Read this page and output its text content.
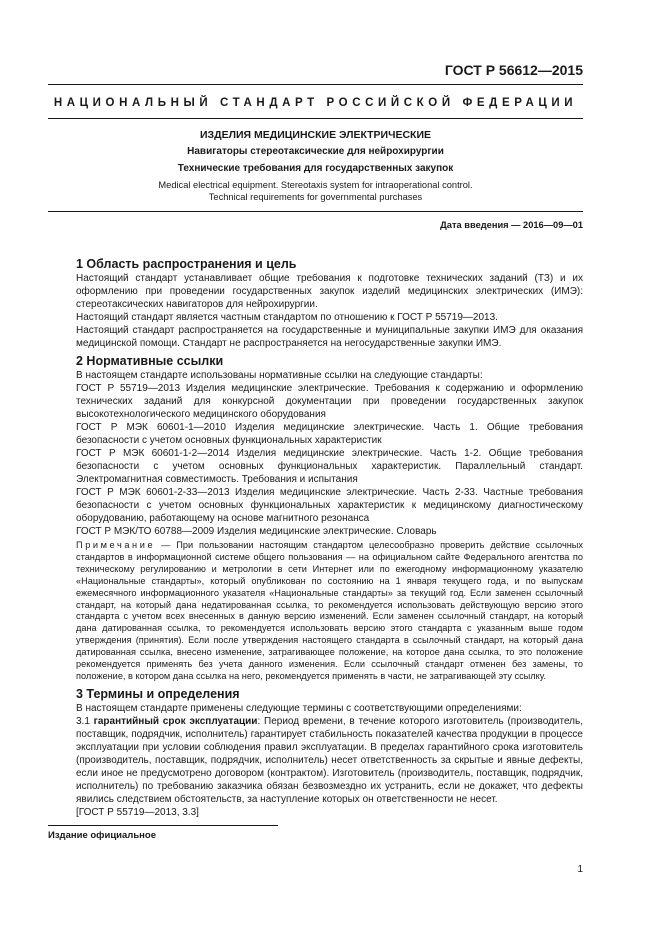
ГОСТ Р 56612—2015
НАЦИОНАЛЬНЫЙ СТАНДАРТ РОССИЙСКОЙ ФЕДЕРАЦИИ
ИЗДЕЛИЯ МЕДИЦИНСКИЕ ЭЛЕКТРИЧЕСКИЕ
Навигаторы стереотаксические для нейрохирургии
Технические требования для государственных закупок
Medical electrical equipment. Stereotaxis system for intraoperational control.
Technical requirements for governmental purchases
Дата введения — 2016—09—01
1 Область распространения и цель

Настоящий стандарт устанавливает общие требования к подготовке технических заданий (ТЗ) и их оформлению при проведении государственных закупок изделий медицинских электрических (ИМЭ): стереотаксических навигаторов для нейрохирургии.

Настоящий стандарт является частным стандартом по отношению к ГОСТ Р 55719—2013.

Настоящий стандарт распространяется на государственные и муниципальные закупки ИМЭ для оказания медицинской помощи. Стандарт не распространяется на негосударственные закупки ИМЭ.

2 Нормативные ссылки

В настоящем стандарте использованы нормативные ссылки на следующие стандарты:

ГОСТ Р 55719—2013 Изделия медицинские электрические. Требования к содержанию и оформлению технических заданий для конкурсной документации при проведении государственных закупок высокотехнологического медицинского оборудования

ГОСТ Р МЭК 60601-1—2010 Изделия медицинские электрические. Часть 1. Общие требования безопасности с учетом основных функциональных характеристик

ГОСТ Р МЭК 60601-1-2—2014 Изделия медицинские электрические. Часть 1-2. Общие требования безопасности с учетом основных функциональных характеристик. Параллельный стандарт. Электромагнитная совместимость. Требования и испытания

ГОСТ Р МЭК 60601-2-33—2013 Изделия медицинские электрические. Часть 2-33. Частные требования безопасности с учетом основных функциональных характеристик к медицинскому диагностическому оборудованию, работающему на основе магнитного резонанса

ГОСТ Р МЭК/ТО 60788—2009 Изделия медицинские электрические. Словарь

Примечание — При пользовании настоящим стандартом целесообразно проверить действие ссылочных стандартов в информационной системе общего пользования — на официальном сайте Федерального агентства по техническому регулированию и метрологии в сети Интернет или по ежегодному информационному указателю «Национальные стандарты», который опубликован по состоянию на 1 января текущего года, и по выпускам ежемесячного информационного указателя «Национальные стандарты» за текущий год. Если заменен ссылочный стандарт, на который дана недатированная ссылка, то рекомендуется использовать действующую версию этого стандарта с учетом всех внесенных в данную версию изменений. Если заменен ссылочный стандарт, на который дана датированная ссылка, то рекомендуется использовать версию этого стандарта с указанным выше годом утверждения (принятия). Если после утверждения настоящего стандарта в ссылочный стандарт, на который дана датированная ссылка, внесено изменение, затрагивающее положение, на которое дана ссылка, то это положение рекомендуется применять без учета данного изменения. Если ссылочный стандарт отменен без замены, то положение, в котором дана ссылка на него, рекомендуется применять в части, не затрагивающей эту ссылку.

3 Термины и определения

В настоящем стандарте применены следующие термины с соответствующими определениями:

3.1 гарантийный срок эксплуатации: Период времени, в течение которого изготовитель (производитель, поставщик, подрядчик, исполнитель) гарантирует стабильность показателей качества продукции в процессе эксплуатации при условии соблюдения правил эксплуатации. В пределах гарантийного срока изготовитель (производитель, поставщик, подрядчик, исполнитель) несет ответственность за скрытые и явные дефекты, если иное не предусмотрено договором (контрактом). Изготовитель (производитель, поставщик, подрядчик, исполнитель) по требованию заказчика обязан безвозмездно их устранить, если не докажет, что дефекты явились следствием обстоятельств, за наступление которых он ответственности не несет.

[ГОСТ Р 55719—2013, 3.3]

Издание официальное
1
